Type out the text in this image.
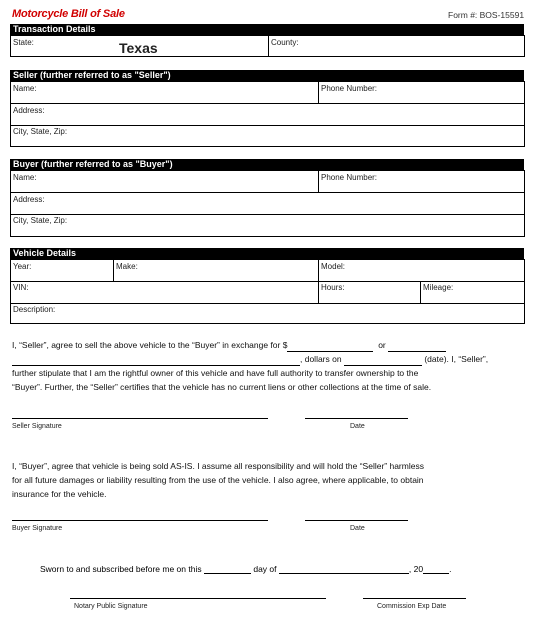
Motorcycle Bill of Sale	Form #: BOS-15591
Transaction Details
State:	Texas	County:
Seller (further referred to as "Seller")
Name:	Phone Number:
Address:
City, State, Zip:
Buyer (further referred to as "Buyer")
Name:	Phone Number:
Address:
City, State, Zip:
Vehicle Details
Year:	Make:	Model:
VIN:	Hours:	Mileage:
Description:
I, “Seller”, agree to sell the above vehicle to the “Buyer” in exchange for $	or
, dollars on	(date). I, “Seller”,
further stipulate that I am the rightful owner of this vehicle and have full authority to transfer ownership to the
“Buyer”. Further, the “Seller” certifies that the vehicle has no current liens or other collections at the time of sale.
Seller Signature	Date
I, “Buyer”, agree that vehicle is being sold AS-IS. I assume all responsibility and will hold the “Seller” harmless
for all future damages or liability resulting from the use of the vehicle. I also agree, where applicable, to obtain
insurance for the vehicle.
Buyer Signature	Date
Sworn to and subscribed before me on this	day of	, 20	.
Notary Public Signature	Commission Exp Date
